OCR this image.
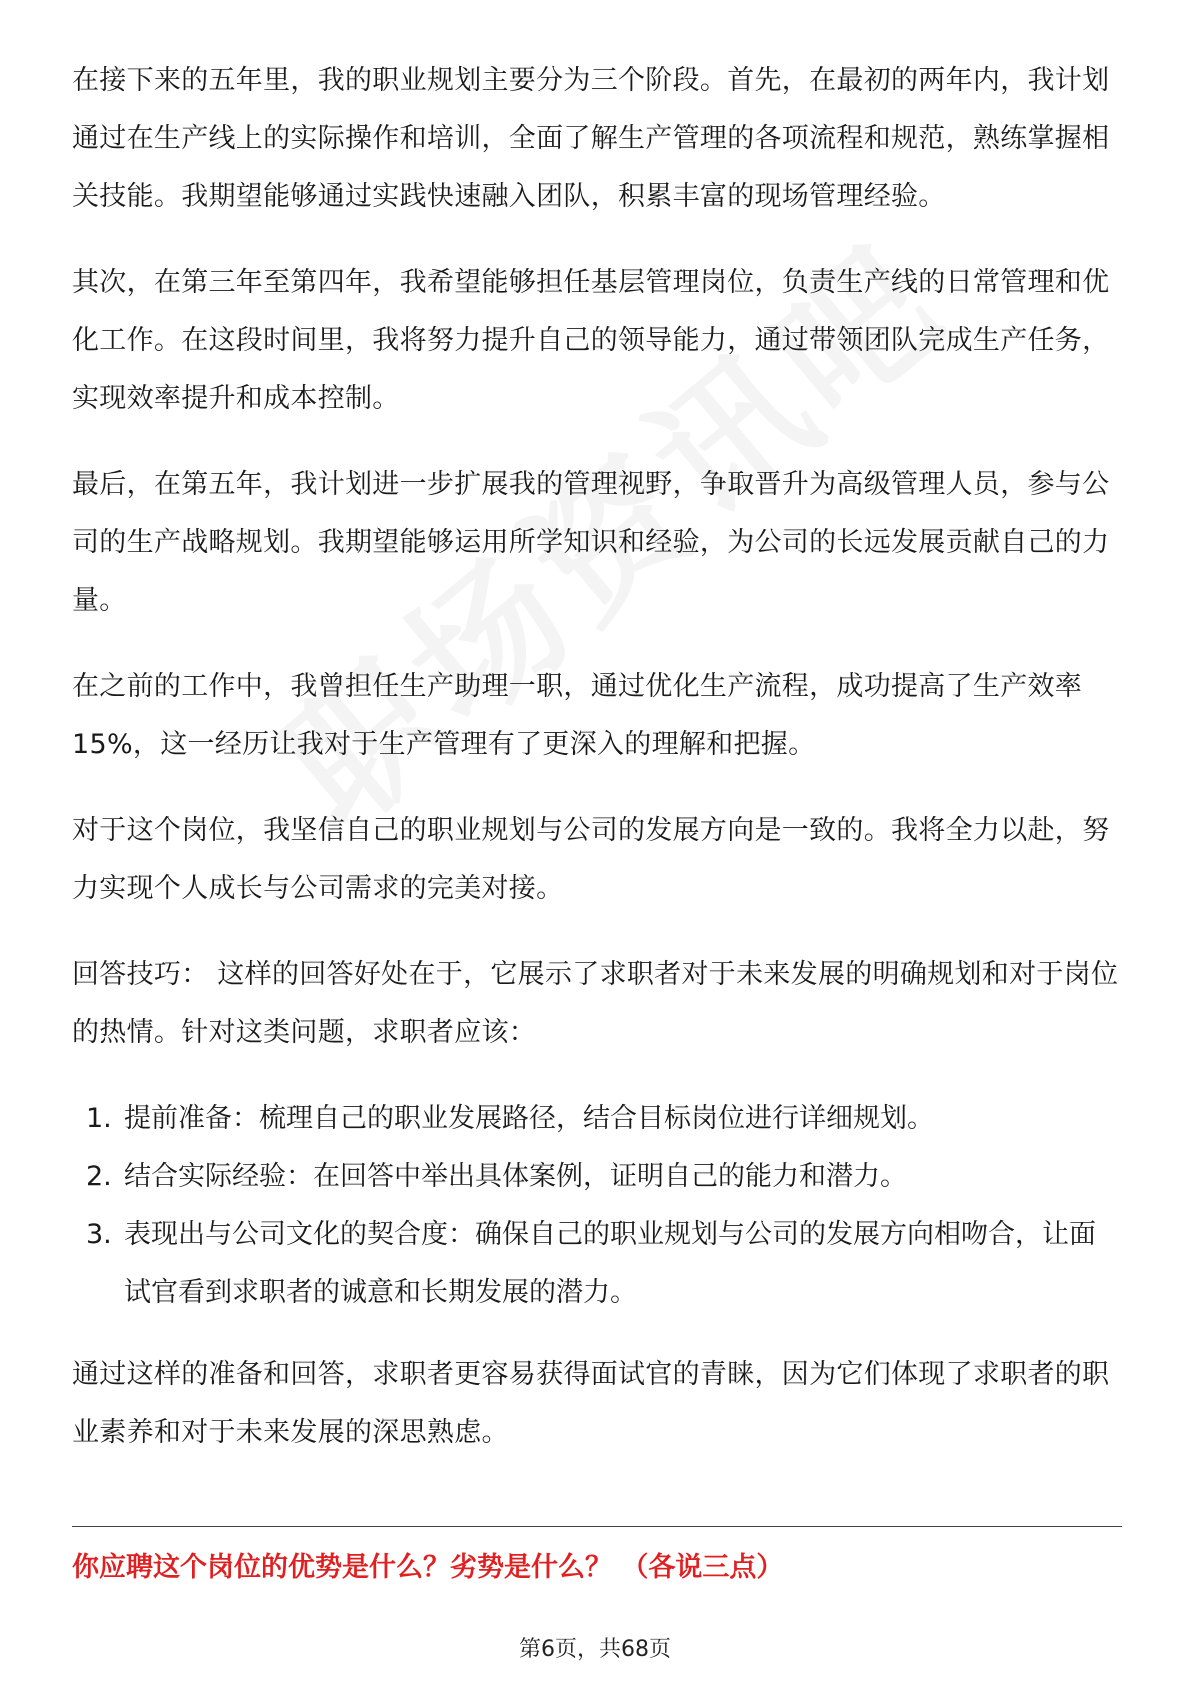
在接下来的五年里，我的职业规划主要分为三个阶段。首先，在最初的两年内，我计划通过在生产线上的实际操作和培训，全面了解生产管理的各项流程和规范，熟练掌握相关技能。我期望能够通过实践快速融入团队，积累丰富的现场管理经验。

其次，在第三年至第四年，我希望能够担任基层管理岗位，负责生产线的日常管理和优化工作。在这段时间里，我将努力提升自己的领导能力，通过带领团队完成生产任务，实现效率提升和成本控制。

最后，在第五年，我计划进一步扩展我的管理视野，争取晋升为高级管理人员，参与公司的生产战略规划。我期望能够运用所学知识和经验，为公司的长远发展贡献自己的力量。

在之前的工作中，我曾担任生产助理一职，通过优化生产流程，成功提高了生产效率15%，这一经历让我对于生产管理有了更深入的理解和把握。

对于这个岗位，我坚信自己的职业规划与公司的发展方向是一致的。我将全力以赴，努力实现个人成长与公司需求的完美对接。

回答技巧： 这样的回答好处在于，它展示了求职者对于未来发展的明确规划和对于岗位的热情。针对这类问题，求职者应该：

1. 提前准备：梳理自己的职业发展路径，结合目标岗位进行详细规划。
2. 结合实际经验：在回答中举出具体案例，证明自己的能力和潜力。
3. 表现出与公司文化的契合度：确保自己的职业规划与公司的发展方向相吻合，让面试官看到求职者的诚意和长期发展的潜力。

通过这样的准备和回答，求职者更容易获得面试官的青睐，因为它们体现了求职者的职业素养和对于未来发展的深思熟虑。

你应聘这个岗位的优势是什么？劣势是什么？ （各说三点）
第6页，共68页
